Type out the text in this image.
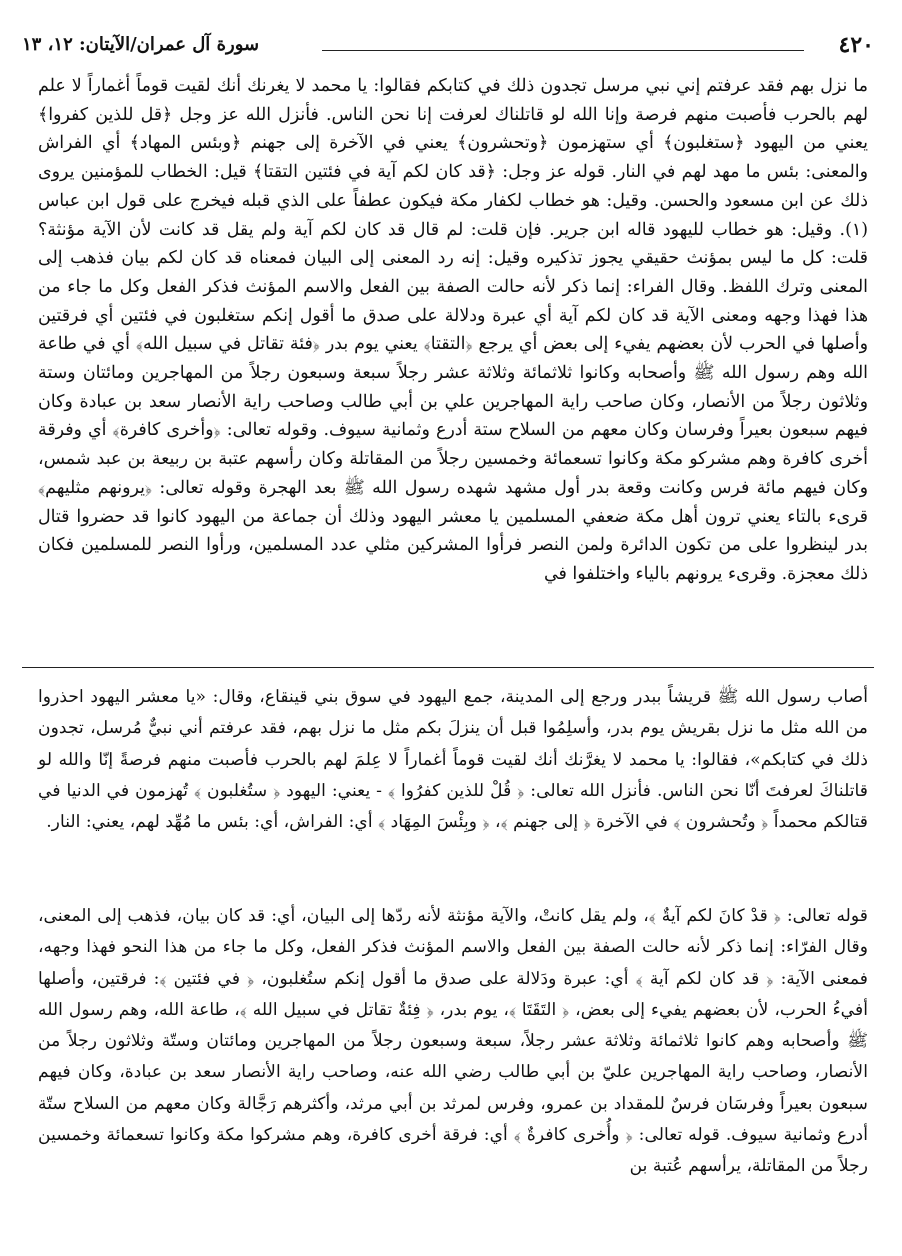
٤٢٠
سورة آل عمران/الآيتان: ١٢، ١٣

ما نزل بهم فقد عرفتم إني نبي مرسل تجدون ذلك في كتابكم فقالوا: يا محمد لا يغرنك أنك لقيت قوماً أغماراً لا علم لهم بالحرب فأصبت منهم فرصة وإنا الله لو قاتلناك لعرفت إنا نحن الناس. فأنزل الله عز وجل ﴿قل للذين كفروا﴾ يعني من اليهود ﴿ستغلبون﴾ أي ستهزمون ﴿وتحشرون﴾ يعني في الآخرة إلى جهنم ﴿وبئس المهاد﴾ أي الفراش والمعنى: بئس ما مهد لهم في النار. قوله عز وجل: ﴿قد كان لكم آية في فئتين التقتا﴾ قيل: الخطاب للمؤمنين يروى ذلك عن ابن مسعود والحسن. وقيل: هو خطاب لكفار مكة فيكون عطفاً على الذي قبله فيخرج على قول ابن عباس (١). وقيل: هو خطاب لليهود قاله ابن جرير. فإن قلت: لم قال قد كان لكم آية ولم يقل قد كانت لأن الآية مؤنثة؟ قلت: كل ما ليس بمؤنث حقيقي يجوز تذكيره وقيل: إنه رد المعنى إلى البيان فمعناه قد كان لكم بيان فذهب إلى المعنى وترك اللفظ. وقال الفراء: إنما ذكر لأنه حالت الصفة بين الفعل والاسم المؤنث فذكر الفعل وكل ما جاء من هذا فهذا وجهه ومعنى الآية قد كان لكم آية أي عبرة ودلالة على صدق ما أقول إنكم ستغلبون في فئتين أي فرقتين وأصلها في الحرب لأن بعضهم يفيء إلى بعض أي يرجع ﴿التقتا﴾ يعني يوم بدر ﴿فئة تقاتل في سبيل الله﴾ أي في طاعة الله وهم رسول الله ﷺ وأصحابه وكانوا ثلاثمائة وثلاثة عشر رجلاً سبعة وسبعون رجلاً من المهاجرين ومائتان وستة وثلاثون رجلاً من الأنصار، وكان صاحب راية المهاجرين علي بن أبي طالب وصاحب راية الأنصار سعد بن عبادة وكان فيهم سبعون بعيراً وفرسان وكان معهم من السلاح ستة أدرع وثمانية سيوف. وقوله تعالى: ﴿وأخرى كافرة﴾ أي وفرقة أخرى كافرة وهم مشركو مكة وكانوا تسعمائة وخمسين رجلاً من المقاتلة وكان رأسهم عتبة بن ربيعة بن عبد شمس، وكان فيهم مائة فرس وكانت وقعة بدر أول مشهد شهده رسول الله ﷺ بعد الهجرة وقوله تعالى: ﴿يرونهم مثليهم﴾ قرىء بالتاء يعني ترون أهل مكة ضعفي المسلمين يا معشر اليهود وذلك أن جماعة من اليهود كانوا قد حضروا قتال بدر لينظروا على من تكون الدائرة ولمن النصر فرأوا المشركين مثلي عدد المسلمين، ورأوا النصر للمسلمين فكان ذلك معجزة. وقرىء يرونهم بالياء واختلفوا في

أصاب رسول الله ﷺ قريشاً ببدر ورجع إلى المدينة، جمع اليهود في سوق بني قينقاع، وقال: «يا معشر اليهود احذروا من الله مثل ما نزل بقريش يوم بدر، وأسلِمُوا قبل أن ينزلَ بكم مثل ما نزل بهم، فقد عرفتم أني نبيٌّ مُرسل، تجدون ذلك في كتابكم»، فقالوا: يا محمد لا يغرَّنك أنك لقيت قوماً أغماراً لا عِلمَ لهم بالحرب فأصبت منهم فرصةً إنّا والله لو قاتلناكَ لعرفتَ أنّا نحن الناس. فأنزل الله تعالى: ﴿ قُلْ للذين كفرُوا ﴾ - يعني: اليهود ﴿ ستُغلبون ﴾ تُهزمون في الدنيا في قتالكم محمداً ﴿ وتُحشرون ﴾ في الآخرة ﴿ إلى جهنم ﴾، ﴿ وبِئْسَ المِهَاد ﴾ أي: الفراش، أي: بئس ما مُهِّد لهم، يعني: النار.

قوله تعالى: ﴿ قدْ كانَ لكم آيةٌ ﴾، ولم يقل كانتْ، والآية مؤنثة لأنه ردّها إلى البيان، أي: قد كان بيان، فذهب إلى المعنى، وقال الفرّاء: إنما ذكر لأنه حالت الصفة بين الفعل والاسم المؤنث فذكر الفعل، وكل ما جاء من هذا النحو فهذا وجهه، فمعنى الآية: ﴿ قد كان لكم آية ﴾ أي: عبرة ودَلالة على صدق ما أقول إنكم ستُغلبون، ﴿ في فئتين ﴾: فرقتين، وأصلها أفيءُ الحرب، لأن بعضهم يفيء إلى بعض، ﴿ التَقَتَا ﴾، يوم بدر، ﴿ فِئةٌ تقاتل في سبيل الله ﴾، طاعة الله، وهم رسول الله ﷺ وأصحابه وهم كانوا ثلاثمائة وثلاثة عشر رجلاً، سبعة وسبعون رجلاً من المهاجرين ومائتان وستّة وثلاثون رجلاً من الأنصار، وصاحب راية المهاجرين عليّ بن أبي طالب رضي الله عنه، وصاحب راية الأنصار سعد بن عبادة، وكان فيهم سبعون بعيراً وفرسَان فرسٌ للمقداد بن عمرو، وفرس لمرثد بن أبي مرثد، وأكثرهم رَجَّالة وكان معهم من السلاح ستّة أدرع وثمانية سيوف. قوله تعالى: ﴿ وأُخرى كافرةٌ ﴾ أي: فرقة أخرى كافرة، وهم مشركوا مكة وكانوا تسعمائة وخمسين رجلاً من المقاتلة، يرأسهم عُتبة بن
